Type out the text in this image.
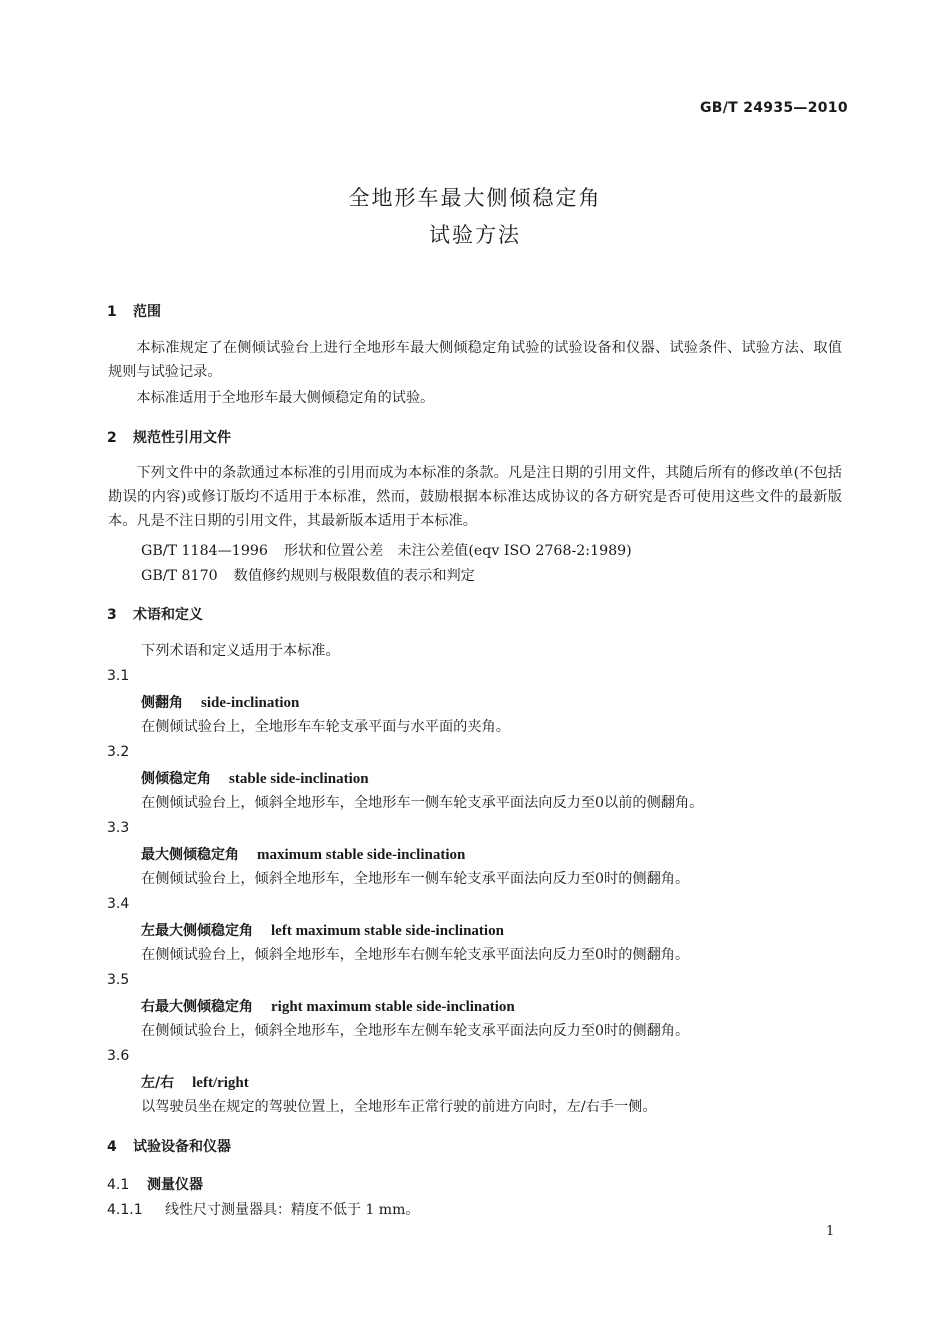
GB/T 24935—2010
全地形车最大侧倾稳定角
试验方法
1 范围
本标准规定了在侧倾试验台上进行全地形车最大侧倾稳定角试验的试验设备和仪器、试验条件、试验方法、取值规则与试验记录。
本标准适用于全地形车最大侧倾稳定角的试验。
2 规范性引用文件
下列文件中的条款通过本标准的引用而成为本标准的条款。凡是注日期的引用文件，其随后所有的修改单(不包括勘误的内容)或修订版均不适用于本标准，然而，鼓励根据本标准达成协议的各方研究是否可使用这些文件的最新版本。凡是不注日期的引用文件，其最新版本适用于本标准。
GB/T 1184—1996 形状和位置公差　未注公差值(eqv ISO 2768-2:1989)
GB/T 8170 数值修约规则与极限数值的表示和判定
3 术语和定义
下列术语和定义适用于本标准。
3.1
侧翻角 side-inclination
在侧倾试验台上，全地形车车轮支承平面与水平面的夹角。
3.2
侧倾稳定角 stable side-inclination
在侧倾试验台上，倾斜全地形车，全地形车一侧车轮支承平面法向反力至0以前的侧翻角。
3.3
最大侧倾稳定角 maximum stable side-inclination
在侧倾试验台上，倾斜全地形车，全地形车一侧车轮支承平面法向反力至0时的侧翻角。
3.4
左最大侧倾稳定角 left maximum stable side-inclination
在侧倾试验台上，倾斜全地形车，全地形车右侧车轮支承平面法向反力至0时的侧翻角。
3.5
右最大侧倾稳定角 right maximum stable side-inclination
在侧倾试验台上，倾斜全地形车，全地形车左侧车轮支承平面法向反力至0时的侧翻角。
3.6
左/右 left/right
以驾驶员坐在规定的驾驶位置上，全地形车正常行驶的前进方向时，左/右手一侧。
4 试验设备和仪器
4.1 测量仪器
4.1.1 线性尺寸测量器具：精度不低于 1 mm。
1
